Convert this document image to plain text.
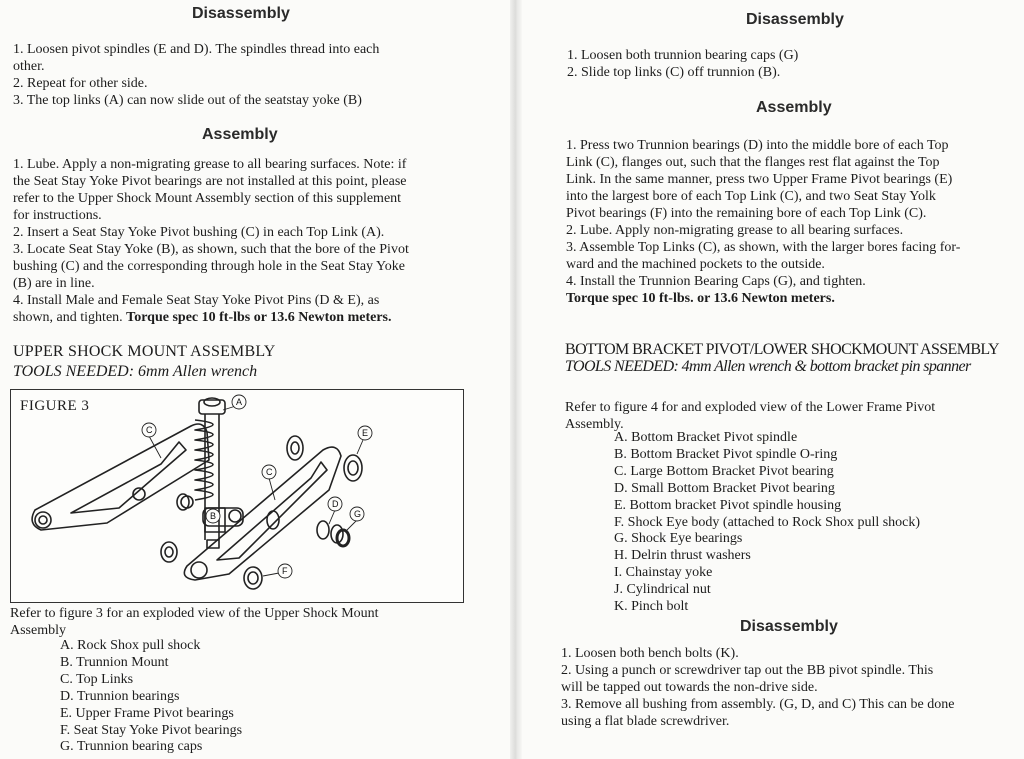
Disassembly
1. Loosen pivot spindles (E and D). The spindles thread into each
other.
2. Repeat for other side.
3. The top links (A) can now slide out of the seatstay yoke (B)
Assembly
1. Lube. Apply a non-migrating grease to all bearing surfaces. Note: if
the Seat Stay Yoke Pivot bearings are not installed at this point, please
refer to the Upper Shock Mount Assembly section of this supplement
for instructions.
2. Insert a Seat Stay Yoke Pivot bushing (C) in each Top Link (A).
3. Locate Seat Stay Yoke (B), as shown, such that the bore of the Pivot
bushing (C) and the corresponding through hole in the Seat Stay Yoke
(B) are in line.
4. Install Male and Female Seat Stay Yoke Pivot Pins (D & E), as
shown, and tighten. Torque spec 10 ft-lbs or 13.6 Newton meters.
UPPER SHOCK MOUNT ASSEMBLY
TOOLS NEEDED: 6mm Allen wrench
FIGURE 3	A
C
C
B
D
E
G
F
Refer to figure 3 for an exploded view of the Upper Shock Mount
Assembly
A. Rock Shox pull shock
B. Trunnion Mount
C. Top Links
D. Trunnion bearings
E. Upper Frame Pivot bearings
F. Seat Stay Yoke Pivot bearings
G. Trunnion bearing caps
Disassembly
1. Loosen both trunnion bearing caps (G)
2. Slide top links (C) off trunnion (B).
Assembly
1. Press two Trunnion bearings (D) into the middle bore of each Top
Link (C), flanges out, such that the flanges rest flat against the Top
Link. In the same manner, press two Upper Frame Pivot bearings (E)
into the largest bore of each Top Link (C), and two Seat Stay Yolk
Pivot bearings (F) into the remaining bore of each Top Link (C).
2. Lube. Apply non-migrating grease to all bearing surfaces.
3. Assemble Top Links (C), as shown, with the larger bores facing for-
ward and the machined pockets to the outside.
4. Install the Trunnion Bearing Caps (G), and tighten.
Torque spec 10 ft-lbs. or 13.6 Newton meters.
BOTTOM BRACKET PIVOT/LOWER SHOCKMOUNT ASSEMBLY
TOOLS NEEDED: 4mm Allen wrench & bottom bracket pin spanner
Refer to figure 4 for and exploded view of the Lower Frame Pivot
Assembly.
A. Bottom Bracket Pivot spindle
B. Bottom Bracket Pivot spindle O-ring
C. Large Bottom Bracket Pivot bearing
D. Small Bottom Bracket Pivot bearing
E. Bottom bracket Pivot spindle housing
F. Shock Eye body (attached to Rock Shox pull shock)
G. Shock Eye bearings
H. Delrin thrust washers
I. Chainstay yoke
J. Cylindrical nut
K. Pinch bolt
Disassembly
1. Loosen both bench bolts (K).
2. Using a punch or screwdriver tap out the BB pivot spindle. This
will be tapped out towards the non-drive side.
3. Remove all bushing from assembly. (G, D, and C) This can be done
using a flat blade screwdriver.
